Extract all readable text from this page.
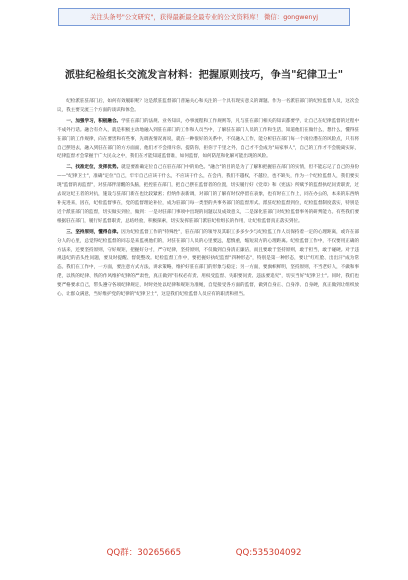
关注头条号"公文研究"，获得最新最全最专业的公文资料库！ 微信：gongwenyj
派驻纪检组长交流发言材料：把握原则技巧，争当"纪律卫士"

纪检派驻驻部门后，如何有效履职呢？这是派驻监督部门普遍关心和关注的一个具有现实意义的课题。作为一名派驻部门的纪检监督人员，这次会议，我主要交流三个方面的谈识和体会。

一、加强学习，积极融合。学驻在部门的法规、业务知识，办事流程和工作规则等，凡与驻在部门相关的知识都要学，让自己在纪律监督的过程中不成外行话。融合有介入，就是积极主动地融入到驻在部门的工作和人员当中，了解驻在部门人员的工作和生活，知道他们在做什么，想什么，懂得驻在部门的工作规律，向在要害和有些事，先调查情况再说，就在一种很好的关系中，不仅融入工作，能分析驻在部门每一个岗位潜在的风险点，只有将自己摆进去，融入到驻在部门的方方面面，他们才不会排斥你、提防你，拒你于千里之外，自己才不会成为"局家事人"，自己的工作才不会脱离实际，纪律监督才会掌握于广大民众之中，我们在才能知道监督谁，如何监督，如何防范和化解可能出现的风险。

二、找准定位，发挥优势。就是要准确定位自己在驻在部门中的角色。"融合"的目的是为了了解和把握驻在部门的实情，但不能忘记了自己的身份——"纪律卫士"，准确"定位"自己，牢牢自己应该干什么，不应该干什么，在会内，我们不越权，不越位，也不缺失，作为一个纪检监督人，我们要实现"监督的再监督"，对驻部伴清醒的头脑，把控驻在部门，把自己摆在监督者的位置，切实履行好《党章》和《宪法》所赋予的监督执纪问责职责，过去说这纪王者的对抗，施设与驻部门新在也比较紧密；但纳作表新调，对部门的了解有时仅停留在表象，也有时在工作上，同在办公的，本来的东西纳补充进来，因在，纪检监督事在，党的监督理论补位，成为驻部门每一类型的共事务部门的监督形式。派驻纪检监督到位，纪检监督制度落实，特别是近个派驻部门的监督，切实做实到位，做到：一是对驻部门事项中出现的问题以及成效意义，二是深化驻部门对纪检监督事务的研判能力。有些我们要根据驻在部门，履行好监督职责，总结经验，积极探索，切实发挥驻部门派驻纪检组长的作用，让纪检监督真正落实到位。

三、坚持原则，懂得自律。因为纪检监督工作的"特殊性"，驻在部门的领导及其职工多多少少与纪检监工作人员保持着一定的心理距离，或许在部分人的心里，总觉得纪检监督的同志是来监视他们的，对驻在部门人员的心里要远，愿慎重，缩短双方的心理距离。纪检监督工作中，不仅要用正确的方法来，还要坚持原则，守好规矩，把握好分寸，严守纪律，坚持原则，不仅做到自身清正廉洁，而且要敢于坚持原则，敢于担当，敢于碰硬。对于违规违纪的苗头性问题，要及时提醒、督促整改。纪检监督工作中，要把握好执纪监督"四种形态"，特别是第一种形态，要让"红红脸、出出汗"成为常态。我们在工作中，一方面，要注意方式方法，讲求策略，维护好驻在部门的形象与稳定；另一方面，要旗帜鲜明，坚持原则，不当老好人，不做和事佬，以铁的纪律、铁的作风维护纪律的严肃性，真正做到"有权必有责、用权受监督、失职要问责、违法要追究"，切实当好"纪律卫士"。同时，我们也要严格要求自己，带头遵守各项纪律规定，时时处处以纪律和规矩为准绳，自觉接受各方面的监督，做到自身正、自身净、自身硬，真正做到让组织放心、让群众满意，当好维护党的纪律的"纪律卫士"，这是我们纪检监督人员应有的职责和担当。

QQ群：30265665	QQ:535304092
